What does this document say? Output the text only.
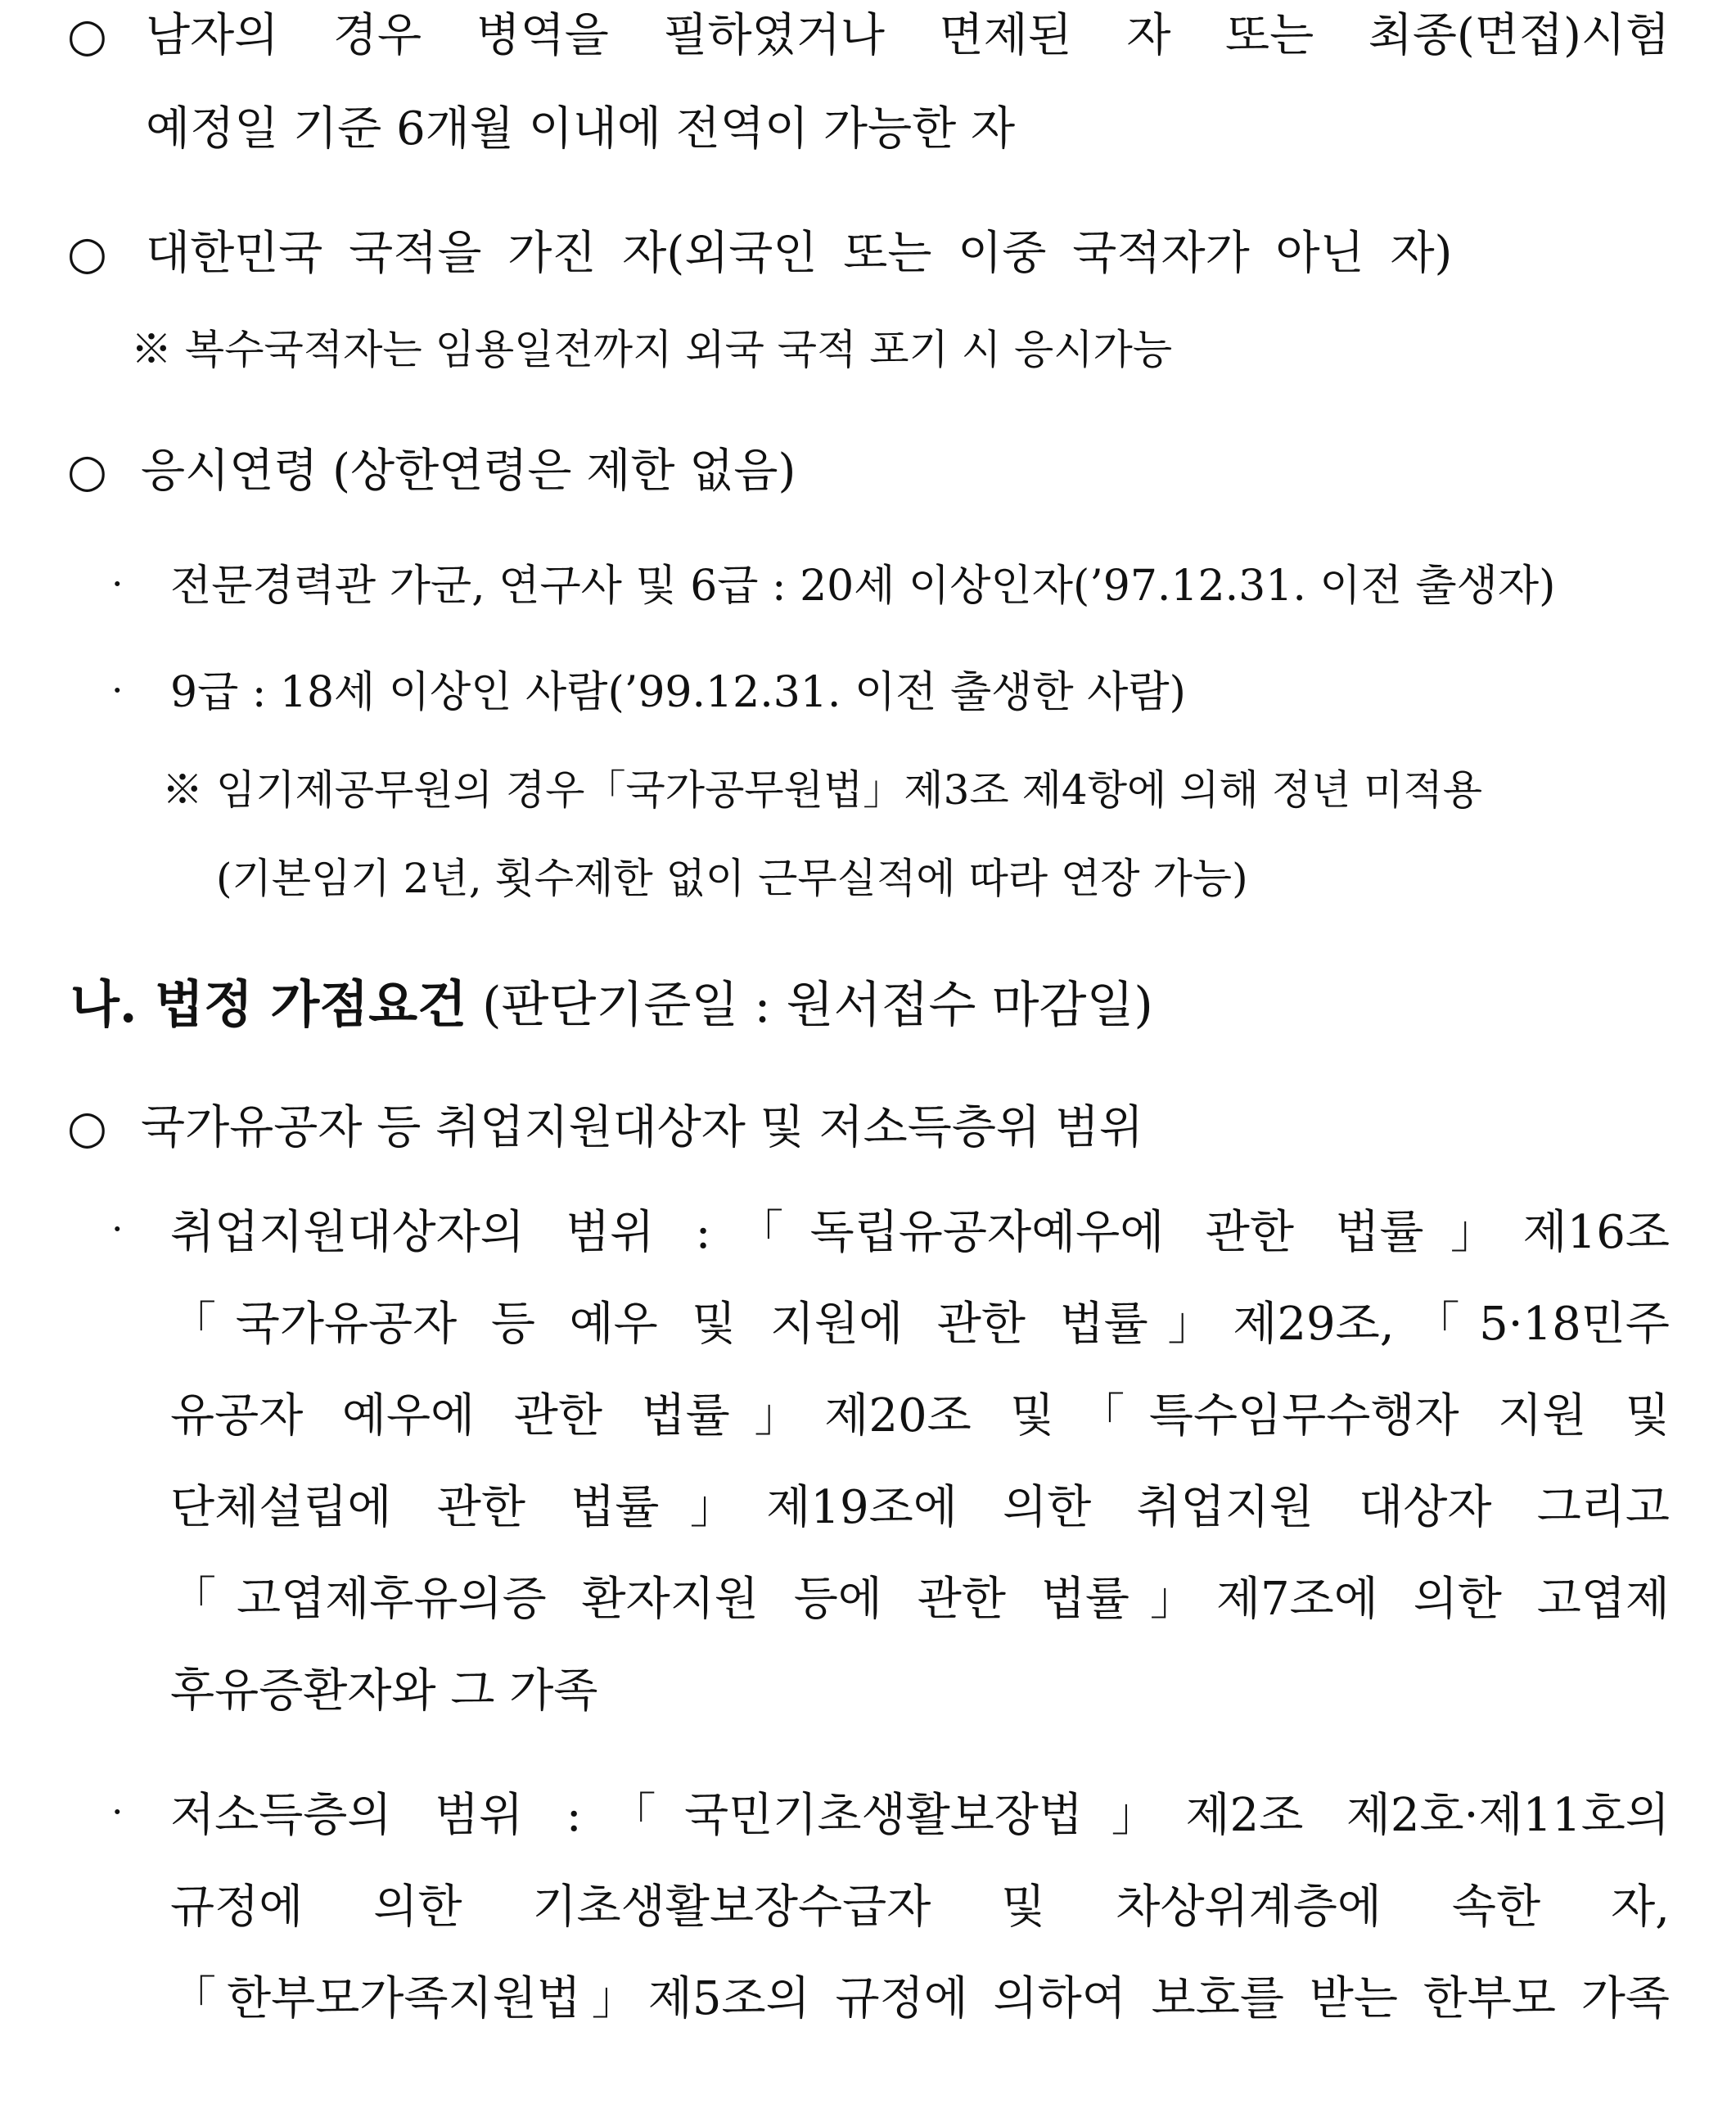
○ 남자의 경우 병역을 필하였거나 면제된 자 또는 최종(면접)시험
예정일 기준 6개월 이내에 전역이 가능한 자
○ 대한민국 국적을 가진 자(외국인 또는 이중 국적자가 아닌 자)
※ 복수국적자는 임용일전까지 외국 국적 포기 시 응시가능
○ 응시연령 (상한연령은 제한 없음)
· 전문경력관 가군, 연구사 및 6급 : 20세 이상인자(’97.12.31. 이전 출생자)
· 9급 : 18세 이상인 사람(’99.12.31. 이전 출생한 사람)
※ 임기제공무원의 경우「국가공무원법」제3조 제4항에 의해 정년 미적용
(기본임기 2년, 횟수제한 없이 근무실적에 따라 연장 가능)
나. 법정 가점요건 (판단기준일 : 원서접수 마감일)
○ 국가유공자 등 취업지원대상자 및 저소득층위 범위
· 취업지원대상자의 범위 :「독립유공자예우에 관한 법률」제16조
「국가유공자 등 예우 및 지원에 관한 법률」제29조,「5·18민주
유공자 예우에 관한 법률」제20조 및「특수임무수행자 지원 및
단체설립에 관한 법률」제19조에 의한 취업지원 대상자 그리고
「고엽제후유의증 환자지원 등에 관한 법률」제7조에 의한 고엽제
후유증환자와 그 가족
· 저소득층의 범위 :「국민기초생활보장법」제2조 제2호·제11호의
규정에 의한 기초생활보장수급자 및 차상위계층에 속한 자,
「한부모가족지원법」제5조의 규정에 의하여 보호를 받는 한부모 가족
